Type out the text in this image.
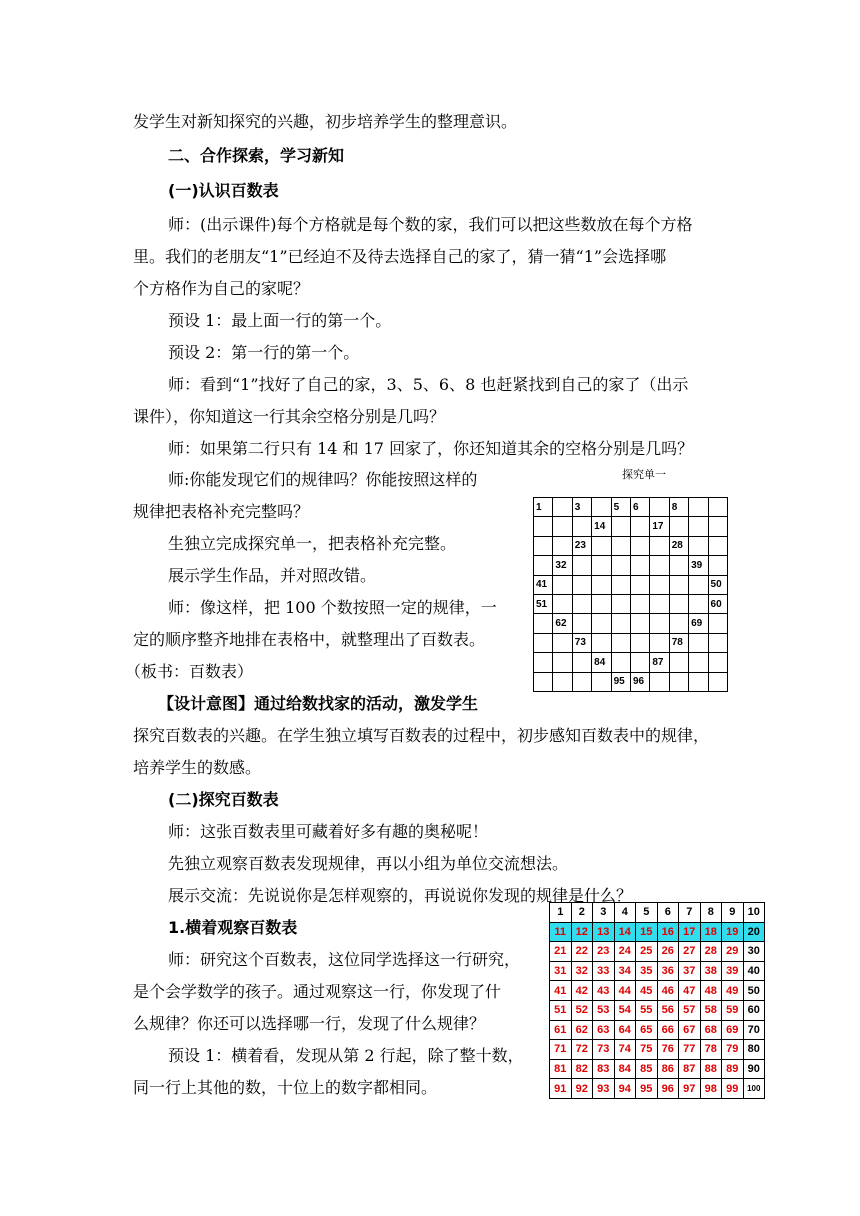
发学生对新知探究的兴趣，初步培养学生的整理意识。
二、合作探索，学习新知
(一)认识百数表
师：(出示课件)每个方格就是每个数的家，我们可以把这些数放在每个方格
里。我们的老朋友“1”已经迫不及待去选择自己的家了，猜一猜“1”会选择哪
个方格作为自己的家呢？
预设 1：最上面一行的第一个。
预设 2：第一行的第一个。
师：看到“1”找好了自己的家，3、5、6、8 也赶紧找到自己的家了（出示
课件），你知道这一行其余空格分别是几吗？
师：如果第二行只有 14 和 17 回家了，你还知道其余的空格分别是几吗？
师:你能发现它们的规律吗？你能按照这样的
规律把表格补充完整吗？
生独立完成探究单一，把表格补充完整。
展示学生作品，并对照改错。
师：像这样，把 100 个数按照一定的规律，一
定的顺序整齐地排在表格中，就整理出了百数表。
（板书：百数表）
【设计意图】通过给数找家的活动，激发学生
探究百数表的兴趣。在学生独立填写百数表的过程中，初步感知百数表中的规律，
培养学生的数感。
(二)探究百数表
师：这张百数表里可藏着好多有趣的奥秘呢！
先独立观察百数表发现规律，再以小组为单位交流想法。
展示交流：先说说你是怎样观察的，再说说你发现的规律是什么？
1.横着观察百数表
师：研究这个百数表，这位同学选择这一行研究，
是个会学数学的孩子。通过观察这一行，你发现了什
么规律？你还可以选择哪一行，发现了什么规律？
预设 1：横着看，发现从第 2 行起，除了整十数，
同一行上其他的数，十位上的数字都相同。
探究单一
1		3		5	6		8		
			14			17			
		23					28		
	32							39	
41									50
51									60
	62							69	
		73					78		
			84			87			
				95	96				
1	2	3	4	5	6	7	8	9	10
11	12	13	14	15	16	17	18	19	20
21	22	23	24	25	26	27	28	29	30
31	32	33	34	35	36	37	38	39	40
41	42	43	44	45	46	47	48	49	50
51	52	53	54	55	56	57	58	59	60
61	62	63	64	65	66	67	68	69	70
71	72	73	74	75	76	77	78	79	80
81	82	83	84	85	86	87	88	89	90
91	92	93	94	95	96	97	98	99	100
